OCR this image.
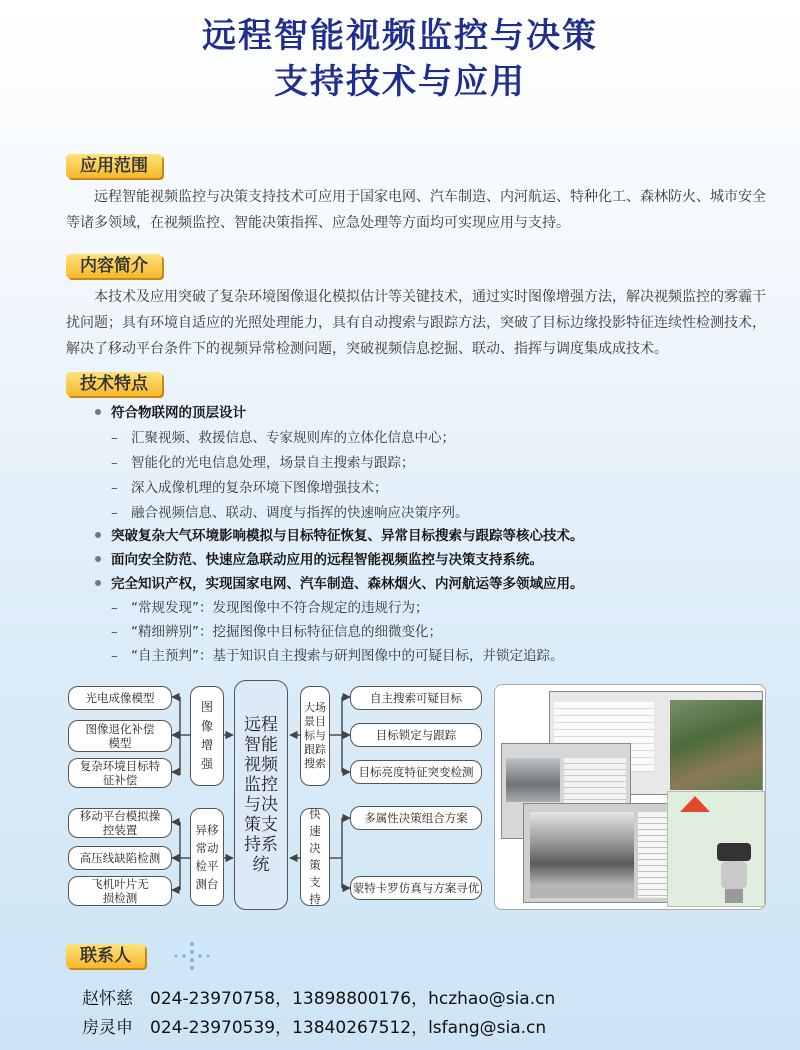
远程智能视频监控与决策
支持技术与应用
应用范围
远程智能视频监控与决策支持技术可应用于国家电网、汽车制造、内河航运、特种化工、森林防火、城市安全等诸多领域，在视频监控、智能决策指挥、应急处理等方面均可实现应用与支持。
内容简介
本技术及应用突破了复杂环境图像退化模拟估计等关键技术，通过实时图像增强方法，解决视频监控的雾霾干扰问题；具有环境自适应的光照处理能力，具有自动搜索与跟踪方法，突破了目标边缘投影特征连续性检测技术，解决了移动平台条件下的视频异常检测问题，突破视频信息挖掘、联动、指挥与调度集成成技术。
技术特点
符合物联网的顶层设计
– 汇聚视频、救援信息、专家规则库的立体化信息中心；
– 智能化的光电信息处理，场景自主搜索与跟踪；
– 深入成像机理的复杂环境下图像增强技术；
– 融合视频信息、联动、调度与指挥的快速响应决策序列。
突破复杂大气环境影响模拟与目标特征恢复、异常目标搜索与跟踪等核心技术。
面向安全防范、快速应急联动应用的远程智能视频监控与决策支持系统。
完全知识产权，实现国家电网、汽车制造、森林烟火、内河航运等多领域应用。
– “常规发现”：发现图像中不符合规定的违规行为；
– “精细辨别”：挖掘图像中目标特征信息的细微变化；
– “自主预判”：基于知识自主搜索与研判图像中的可疑目标，并锁定追踪。
光电成像模型
图像退化补偿模型
复杂环境目标特征补偿
移动平台模拟操控装置
高压线缺陷检测
飞机叶片无损检测
图像增强
异移常动检平测台
远程智能视频监控与决策支持系统
大场景目标与跟踪搜索
快速决策支持
自主搜索可疑目标
目标锁定与跟踪
目标亮度特征突变检测
多属性决策组合方案
蒙特卡罗仿真与方案寻优
联系人
赵怀慈　024-23970758，13898800176，hczhao@sia.cn
房灵申　024-23970539，13840267512，lsfang@sia.cn
